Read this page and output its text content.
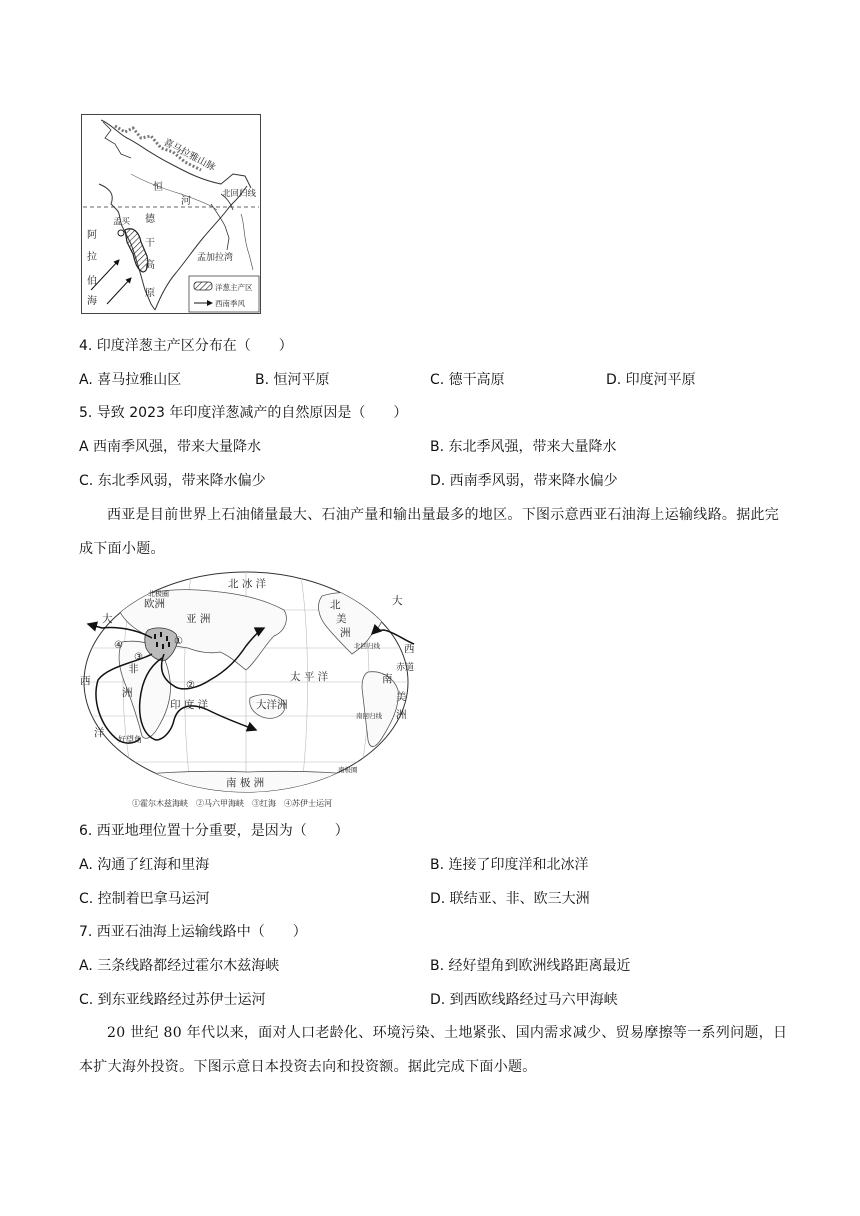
喜马拉雅山脉
恒
河
北回归线
孟买 德
干
高
原
阿
拉
伯
海
孟加拉湾
洋葱主产区
西南季风
4. 印度洋葱主产区分布在（　　）
A. 喜马拉雅山区	B. 恒河平原	C. 德干高原	D. 印度河平原
5. 导致 2023 年印度洋葱减产的自然原因是（　　）
A 西南季风强，带来大量降水	B. 东北季风强，带来大量降水
C. 东北季风弱，带来降水偏少	D. 西南季风弱，带来降水偏少
西亚是目前世界上石油储量最大、石油产量和输出量最多的地区。下图示意西亚石油海上运输线路。据此完成下面小题。
北 冰 洋
北极圈
亚 洲
欧洲
大
大
西
北
美
洲
北回归线
非
洲
太 平 洋
印 度 洋	大洋洲
好望角
西
洋
赤道
南
美
洲
南回归线
南极圈
南 极 洲
①
②
③
④
①霍尔木兹海峡　②马六甲海峡　③红海　④苏伊士运河
6. 西亚地理位置十分重要，是因为（　　）
A. 沟通了红海和里海	B. 连接了印度洋和北冰洋
C. 控制着巴拿马运河	D. 联结亚、非、欧三大洲
7. 西亚石油海上运输线路中（　　）
A. 三条线路都经过霍尔木兹海峡	B. 经好望角到欧洲线路距离最近
C. 到东亚线路经过苏伊士运河	D. 到西欧线路经过马六甲海峡
20 世纪 80 年代以来，面对人口老龄化、环境污染、土地紧张、国内需求减少、贸易摩擦等一系列问题，日本扩大海外投资。下图示意日本投资去向和投资额。据此完成下面小题。
